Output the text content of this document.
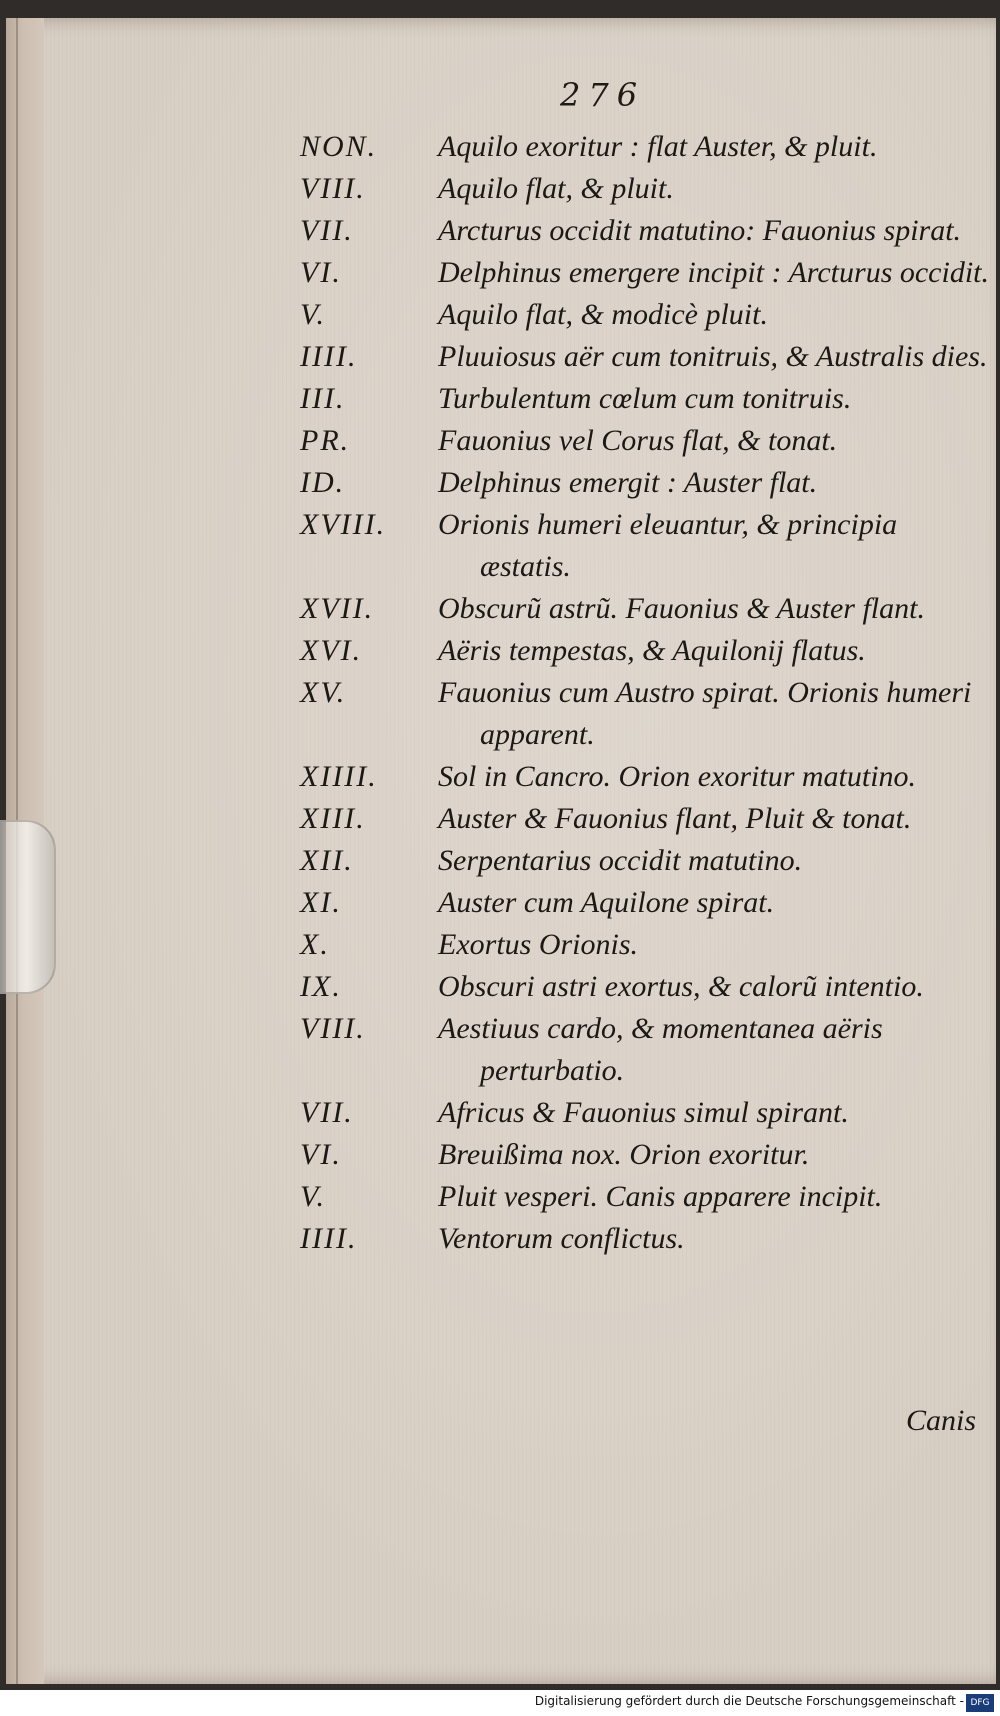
276
NON.	Aquilo exoritur : flat Auster, & pluit.
VIII.	Aquilo flat, & pluit.
VII.	Arcturus occidit matutino: Fauonius spirat.
VI.	Delphinus emergere incipit : Arcturus occidit.
V.	Aquilo flat, & modicè pluit.
IIII.	Pluuiosus aër cum tonitruis, & Australis dies.
III.	Turbulentum cœlum cum tonitruis.
PR.	Fauonius vel Corus flat, & tonat.
ID.	Delphinus emergit : Auster flat.
XVIII.	Orionis humeri eleuantur, & principia æstatis.
XVII.	Obscurũ astrũ. Fauonius & Auster flant.
XVI.	Aëris tempestas, & Aquilonij flatus.
XV.	Fauonius cum Austro spirat. Orionis humeri apparent.
XIIII.	Sol in Cancro. Orion exoritur matutino.
XIII.	Auster & Fauonius flant, Pluit & tonat.
XII.	Serpentarius occidit matutino.
XI.	Auster cum Aquilone spirat.
X.	Exortus Orionis.
IX.	Obscuri astri exortus, & calorũ intentio.
VIII.	Aestiuus cardo, & momentanea aëris perturbatio.
VII.	Africus & Fauonius simul spirant.
VI.	Breuißima nox. Orion exoritur.
V.	Pluit vesperi. Canis apparere incipit.
IIII.	Ventorum conflictus.
Canis
Digitalisierung gefördert durch die Deutsche Forschungsgemeinschaft - DFG
